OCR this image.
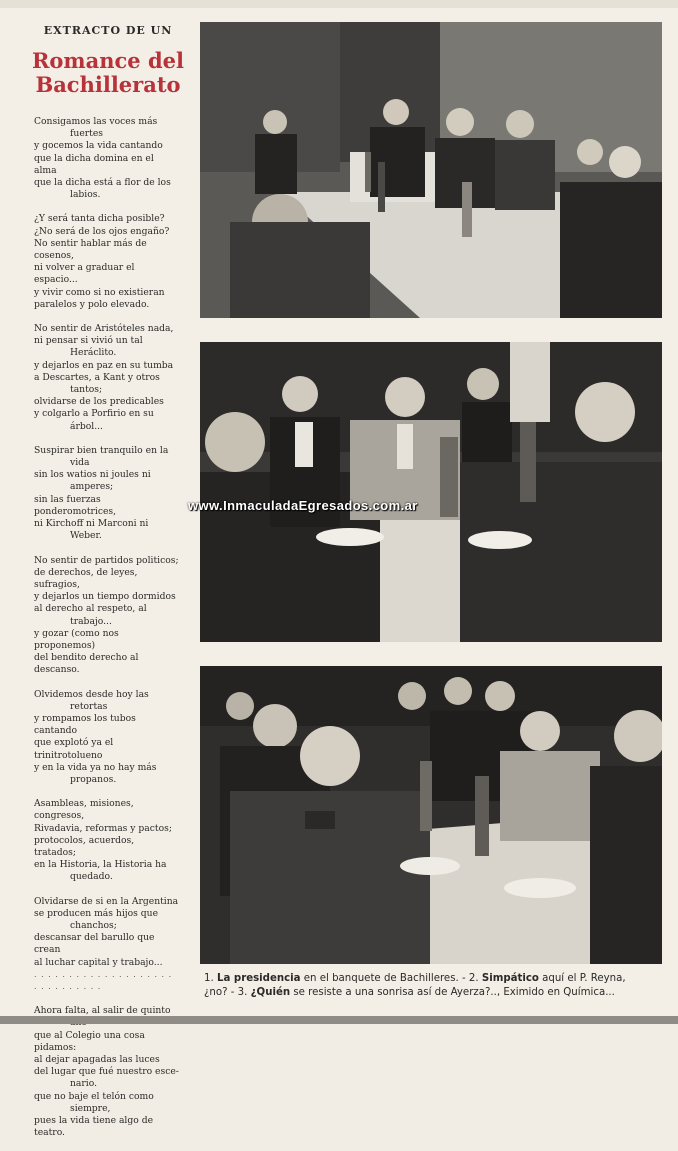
EXTRACTO DE UN
Romance del
Bachillerato
Consigamos las voces más
fuertes
y gocemos la vida cantando
que la dicha domina en el alma
que la dicha está a flor de los
labios.
¿Y será tanta dicha posible?
¿No será de los ojos engaño?
No sentir hablar más de cosenos,
ni volver a graduar el espacio...
y vivir como si no existieran
paralelos y polo elevado.
No sentir de Aristóteles nada,
ni pensar si vivió un tal
Heráclito.
y dejarlos en paz en su tumba
a Descartes, a Kant y otros
tantos;
olvidarse de los predicables
y colgarlo a Porfirio en su
árbol...
Suspirar bien tranquilo en la
vida
sin los watios ni joules ni
amperes;
sin las fuerzas ponderomotrices,
ni Kirchoff ni Marconi ni
Weber.
No sentir de partidos politicos;
de derechos, de leyes, sufragios,
y dejarlos un tiempo dormidos
al derecho al respeto, al
trabajo...
y gozar (como nos proponemos)
del bendito derecho al descanso.
Olvidemos desde hoy las
retortas
y rompamos los tubos cantando
que explotó ya el trinitrotolueno
y en la vida ya no hay más
propanos.
Asambleas, misiones, congresos,
Rivadavia, reformas y pactos;
protocolos, acuerdos, tratados;
en la Historia, la Historia ha
quedado.
Olvidarse de si en la Argentina
se producen más hijos que
chanchos;
descansar del barullo que crean
al luchar capital y trabajo...
. . . . . . . . . . . . . . . . . . . . . . . . . . . . . .
Ahora falta, al salir de quinto
que al Colegio una cosa pidamos:
al dejar apagadas las luces
del lugar que fué nuestro esce-
nario.
que no baje el telón como
siempre,
pues la vida tiene algo de teatro.
www.InmaculadaEgresados.com.ar
1. La presidencia en el banquete de Bachilleres. - 2. Simpático aquí el P. Reyna,
¿no? - 3. ¿Quién se resiste a una sonrisa así de Ayerza?.., Eximido en Química...
